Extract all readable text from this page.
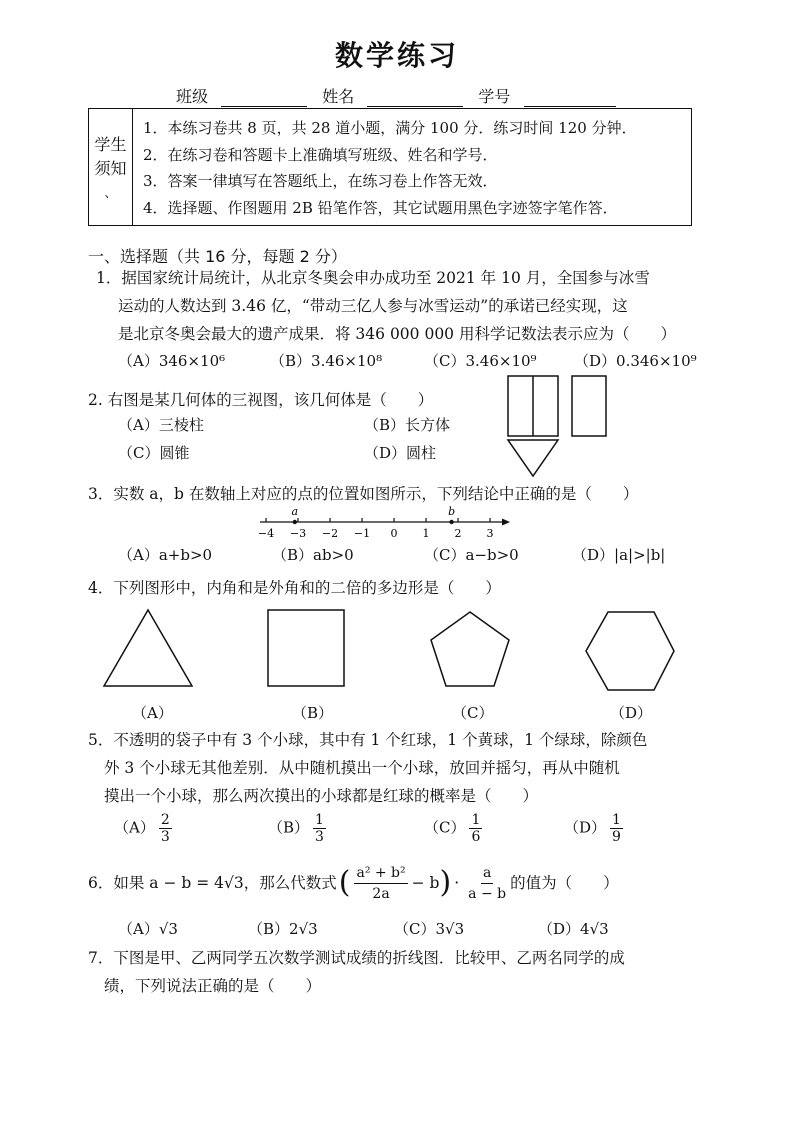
数学练习
班级	姓名	学号
学生
须知
、
1．本练习卷共 8 页，共 28 道小题，满分 100 分．练习时间 120 分钟．
2．在练习卷和答题卡上准确填写班级、姓名和学号．
3．答案一律填写在答题纸上，在练习卷上作答无效．
4．选择题、作图题用 2B 铅笔作答，其它试题用黑色字迹签字笔作答．
一、选择题（共 16 分，每题 2 分）
1．据国家统计局统计，从北京冬奥会申办成功至 2021 年 10 月，全国参与冰雪
运动的人数达到 3.46 亿，“带动三亿人参与冰雪运动”的承诺已经实现，这
是北京冬奥会最大的遗产成果．将 346 000 000 用科学记数法表示应为（　　）
（A）346×10⁶	（B）3.46×10⁸	（C）3.46×10⁹ （D）0.346×10⁹
2. 右图是某几何体的三视图，该几何体是（　　）
（A）三棱柱	（B）长方体
（C）圆锥	（D）圆柱
3．实数 a，b 在数轴上对应的点的位置如图所示，下列结论中正确的是（　　）
−4 −3 −2 −1 0 1 2 3
a	b
（A）a+b>0	（B）ab>0	（C）a−b>0	（D）|a|>|b|
4．下列图形中，内角和是外角和的二倍的多边形是（　　）
（A）	（B）	（C）	（D）
5．不透明的袋子中有 3 个小球，其中有 1 个红球，1 个黄球，1 个绿球，除颜色
外 3 个小球无其他差别．从中随机摸出一个小球，放回并摇匀，再从中随机
摸出一个小球，那么两次摸出的小球都是红球的概率是（　　）
$(A) \frac{2}{3}$	$(B) \frac{1}{3}$	$(C) \frac{1}{6}$	$(D) \frac{1}{9}$
6．如果 a − b = 4√3，那么代数式 ( $\frac{\text{a² + b²}}{2a} - b$ ) · $\frac{a}{a - b}$ 的值为（　　）
（A）√3	（B）2√3	（C）3√3	（D）4√3
7．下图是甲、乙两同学五次数学测试成绩的折线图．比较甲、乙两名同学的成
绩，下列说法正确的是（　　）
